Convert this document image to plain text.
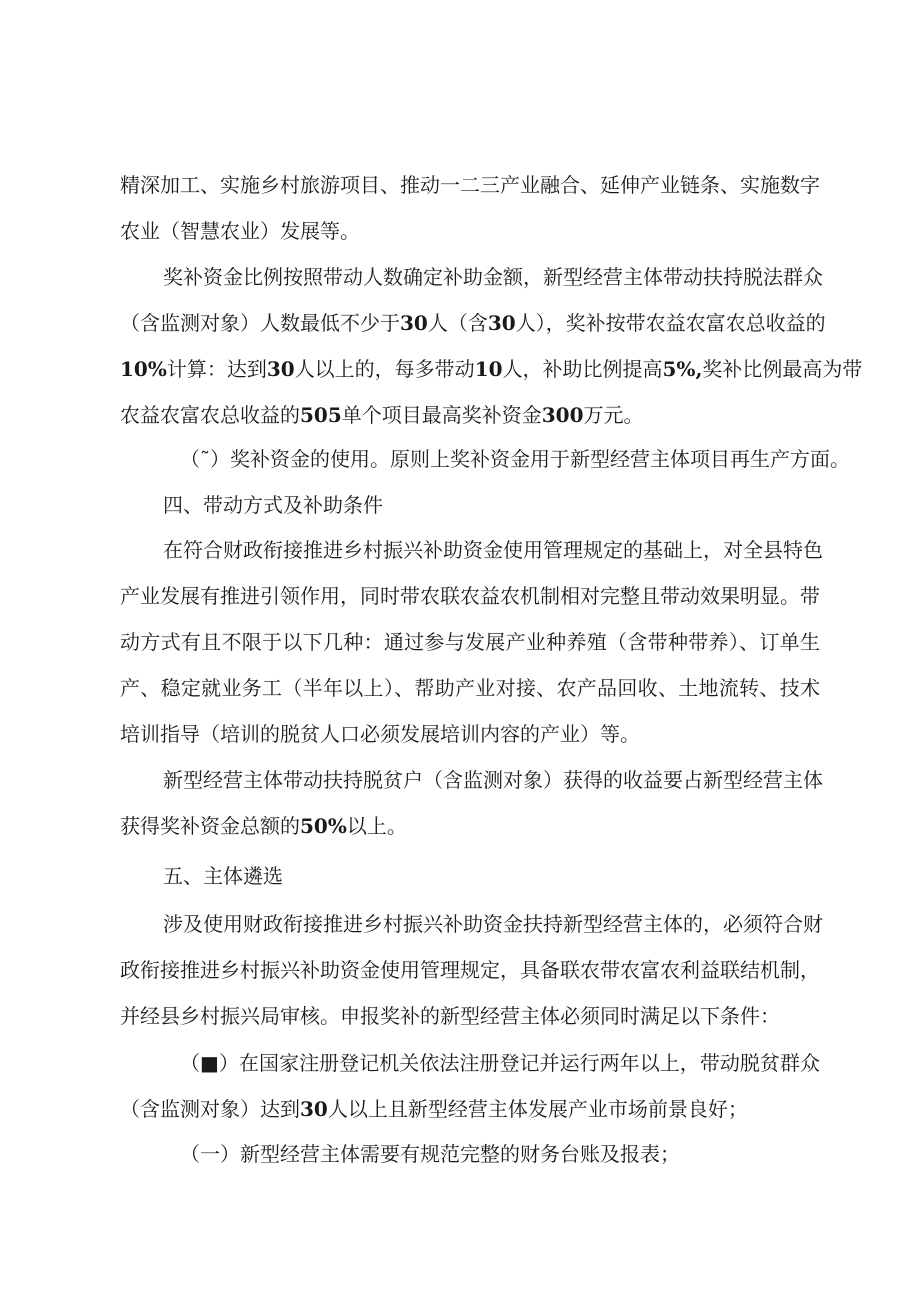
精深加工、实施乡村旅游项目、推动一二三产业融合、延伸产业链条、实施数字
农业（智慧农业）发展等。
奖补资金比例按照带动人数确定补助金额，新型经营主体带动扶持脱法群众
（含监测对象）人数最低不少于30人（含30人），奖补按带农益农富农总收益的
10%计算：达到30人以上的，每多带动10人，补助比例提高5%,奖补比例最高为带
农益农富农总收益的505单个项目最高奖补资金300万元。
（˜）奖补资金的使用。原则上奖补资金用于新型经营主体项目再生产方面。
四、带动方式及补助条件
在符合财政衔接推进乡村振兴补助资金使用管理规定的基础上，对全县特色
产业发展有推进引领作用，同时带农联农益农机制相对完整且带动效果明显。带
动方式有且不限于以下几种：通过参与发展产业种养殖（含带种带养）、订单生
产、稳定就业务工（半年以上）、帮助产业对接、农产品回收、土地流转、技术
培训指导（培训的脱贫人口必须发展培训内容的产业）等。
新型经营主体带动扶持脱贫户（含监测对象）获得的收益要占新型经营主体
获得奖补资金总额的50%以上。
五、主体遴选
涉及使用财政衔接推进乡村振兴补助资金扶持新型经营主体的，必须符合财
政衔接推进乡村振兴补助资金使用管理规定，具备联农带农富农利益联结机制，
并经县乡村振兴局审核。申报奖补的新型经营主体必须同时满足以下条件：
（■）在国家注册登记机关依法注册登记并运行两年以上，带动脱贫群众
（含监测对象）达到30人以上且新型经营主体发展产业市场前景良好；
（一）新型经营主体需要有规范完整的财务台账及报表；
